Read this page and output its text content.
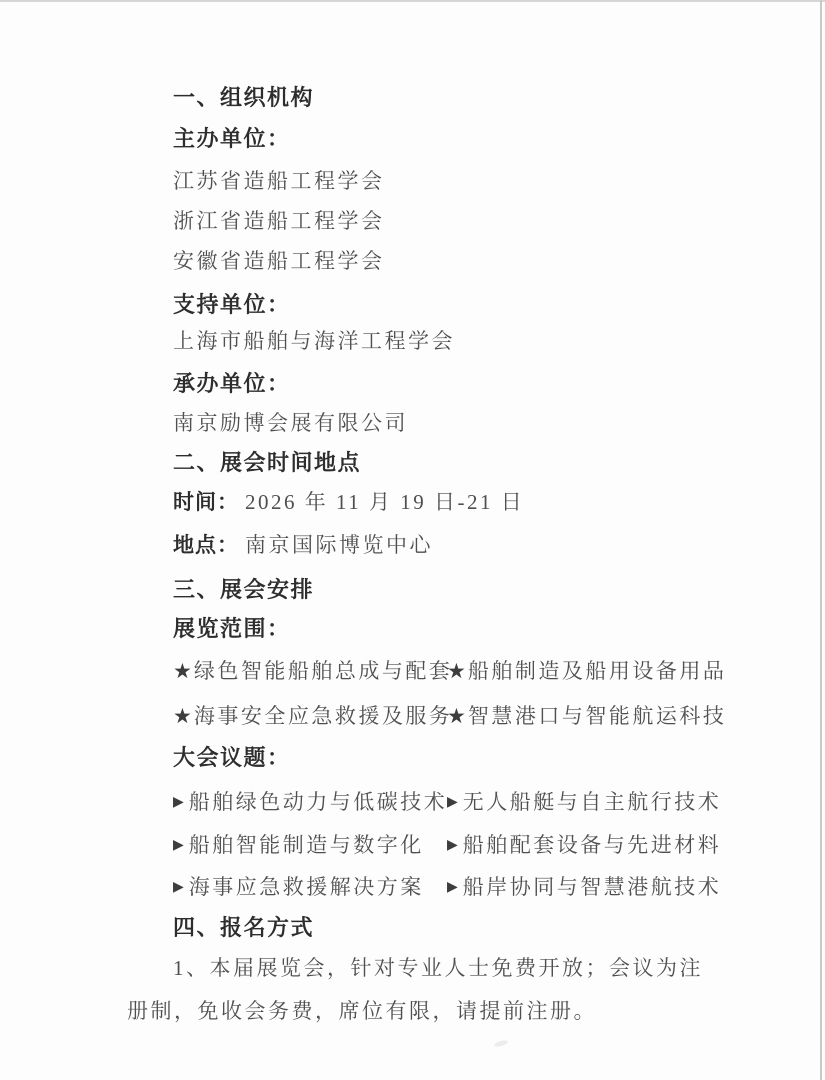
一、组织机构
主办单位：
江苏省造船工程学会
浙江省造船工程学会
安徽省造船工程学会
支持单位：
上海市船舶与海洋工程学会
承办单位：
南京励博会展有限公司
二、展会时间地点
时间： 2026 年 11 月 19 日-21 日
地点： 南京国际博览中心
三、展会安排
展览范围：
★绿色智能船舶总成与配套
★船舶制造及船用设备用品
★海事安全应急救援及服务
★智慧港口与智能航运科技
大会议题：
▶ 船舶绿色动力与低碳技术 ▶ 无人船艇与自主航行技术
▶ 船舶智能制造与数字化 ▶ 船舶配套设备与先进材料
▶ 海事应急救援解决方案 ▶ 船岸协同与智慧港航技术
四、报名方式
1、本届展览会，针对专业人士免费开放；会议为注
册制，免收会务费，席位有限，请提前注册。
